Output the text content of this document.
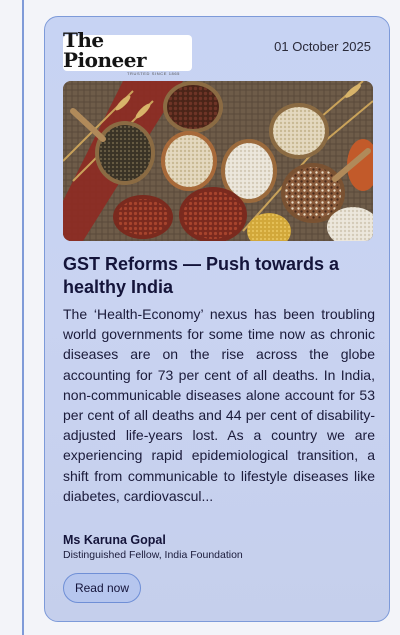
The Pioneer
TRUSTED SINCE 1865
01 October 2025
GST Reforms — Push towards a healthy India

The ‘Health-Economy’ nexus has been troubling world governments for some time now as chronic diseases are on the rise across the globe accounting for 73 per cent of all deaths. In India, non-communicable diseases alone account for 53 per cent of all deaths and 44 per cent of disability-adjusted life-years lost. As a country we are experiencing rapid epidemiological transition, a shift from communicable to lifestyle diseases like diabetes, cardiovascul...

Ms Karuna Gopal
Distinguished Fellow, India Foundation
Read now
